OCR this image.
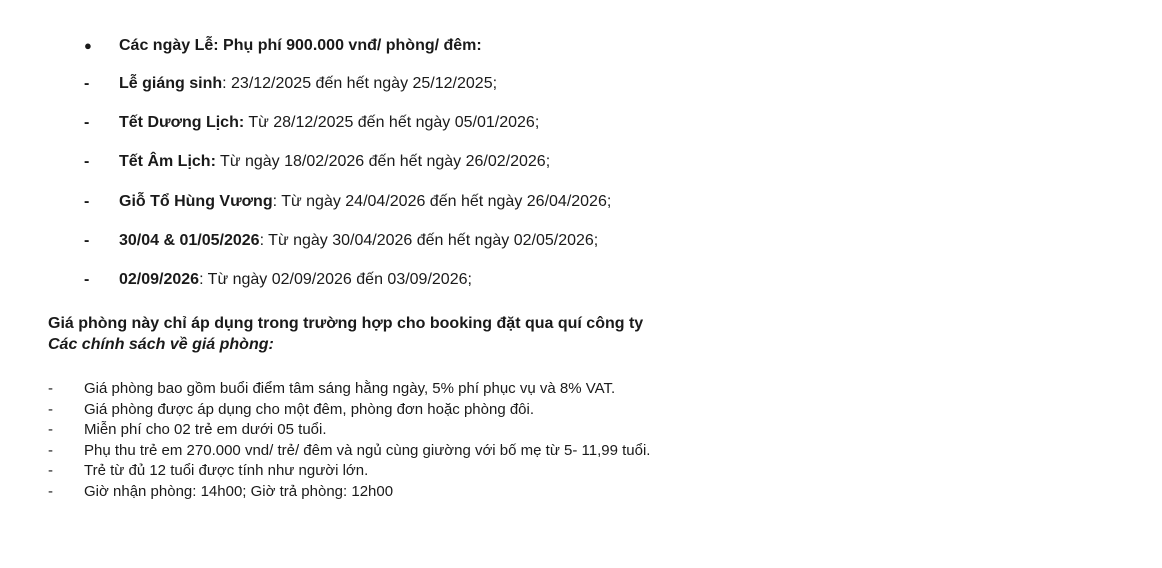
●	Các ngày Lễ: Phụ phí 900.000 vnđ/ phòng/ đêm:
- Lễ giáng sinh: 23/12/2025 đến hết ngày 25/12/2025;
- Tết Dương Lịch: Từ 28/12/2025 đến hết ngày 05/01/2026;
- Tết Âm Lịch: Từ ngày 18/02/2026 đến hết ngày 26/02/2026;
- Giỗ Tổ Hùng Vương: Từ ngày 24/04/2026 đến hết ngày 26/04/2026;
- 30/04 & 01/05/2026: Từ ngày 30/04/2026 đến hết ngày 02/05/2026;
- 02/09/2026: Từ ngày 02/09/2026 đến 03/09/2026;
Giá phòng này chỉ áp dụng trong trường hợp cho booking đặt qua quí công ty
Các chính sách về giá phòng:
- Giá phòng bao gồm buổi điểm tâm sáng hằng ngày, 5% phí phục vụ và 8% VAT.
- Giá phòng được áp dụng cho một đêm, phòng đơn hoặc phòng đôi.
- Miễn phí cho 02 trẻ em dưới 05 tuổi.
- Phụ thu trẻ em 270.000 vnd/ trẻ/ đêm và ngủ cùng giường với bố mẹ từ 5- 11,99 tuổi.
- Trẻ từ đủ 12 tuổi được tính như người lớn.
- Giờ nhận phòng: 14h00; Giờ trả phòng: 12h00
